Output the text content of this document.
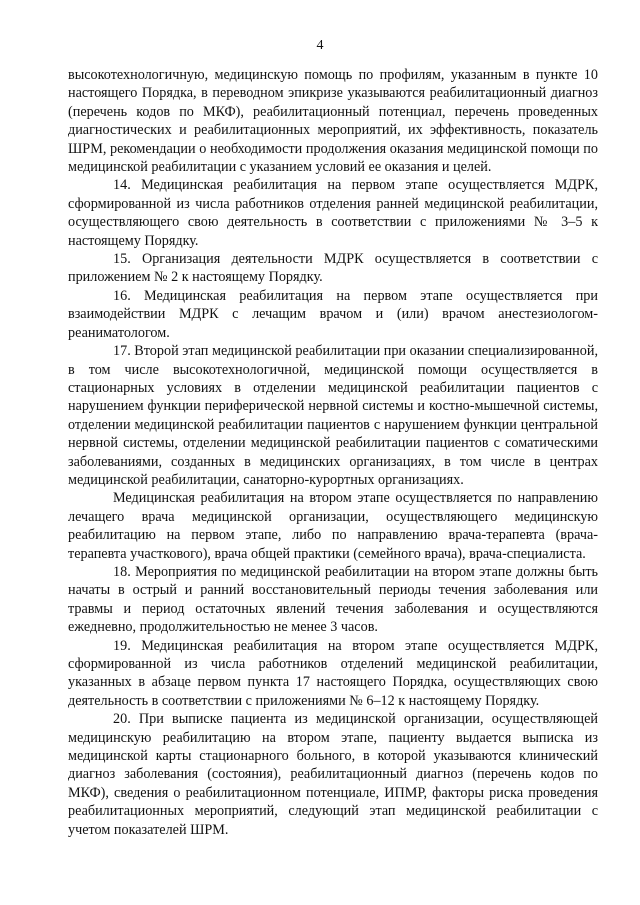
4

высокотехнологичную, медицинскую помощь по профилям, указанным в пункте 10 настоящего Порядка, в переводном эпикризе указываются реабилитационный диагноз (перечень кодов по МКФ), реабилитационный потенциал, перечень проведенных диагностических и реабилитационных мероприятий, их эффективность, показатель ШРМ, рекомендации о необходимости продолжения оказания медицинской помощи по медицинской реабилитации с указанием условий ее оказания и целей.

14. Медицинская реабилитация на первом этапе осуществляется МДРК, сформированной из числа работников отделения ранней медицинской реабилитации, осуществляющего свою деятельность в соответствии с приложениями № 3–5 к настоящему Порядку.

15. Организация деятельности МДРК осуществляется в соответствии с приложением № 2 к настоящему Порядку.

16. Медицинская реабилитация на первом этапе осуществляется при взаимодействии МДРК с лечащим врачом и (или) врачом анестезиологом-реаниматологом.

17. Второй этап медицинской реабилитации при оказании специализированной, в том числе высокотехнологичной, медицинской помощи осуществляется в стационарных условиях в отделении медицинской реабилитации пациентов с нарушением функции периферической нервной системы и костно-мышечной системы, отделении медицинской реабилитации пациентов с нарушением функции центральной нервной системы, отделении медицинской реабилитации пациентов с соматическими заболеваниями, созданных в медицинских организациях, в том числе в центрах медицинской реабилитации, санаторно-курортных организациях.

Медицинская реабилитация на втором этапе осуществляется по направлению лечащего врача медицинской организации, осуществляющего медицинскую реабилитацию на первом этапе, либо по направлению врача-терапевта (врача-терапевта участкового), врача общей практики (семейного врача), врача-специалиста.

18. Мероприятия по медицинской реабилитации на втором этапе должны быть начаты в острый и ранний восстановительный периоды течения заболевания или травмы и период остаточных явлений течения заболевания и осуществляются ежедневно, продолжительностью не менее 3 часов.

19. Медицинская реабилитация на втором этапе осуществляется МДРК, сформированной из числа работников отделений медицинской реабилитации, указанных в абзаце первом пункта 17 настоящего Порядка, осуществляющих свою деятельность в соответствии с приложениями № 6–12 к настоящему Порядку.

20. При выписке пациента из медицинской организации, осуществляющей медицинскую реабилитацию на втором этапе, пациенту выдается выписка из медицинской карты стационарного больного, в которой указываются клинический диагноз заболевания (состояния), реабилитационный диагноз (перечень кодов по МКФ), сведения о реабилитационном потенциале, ИПМР, факторы риска проведения реабилитационных мероприятий, следующий этап медицинской реабилитации с учетом показателей ШРМ.
